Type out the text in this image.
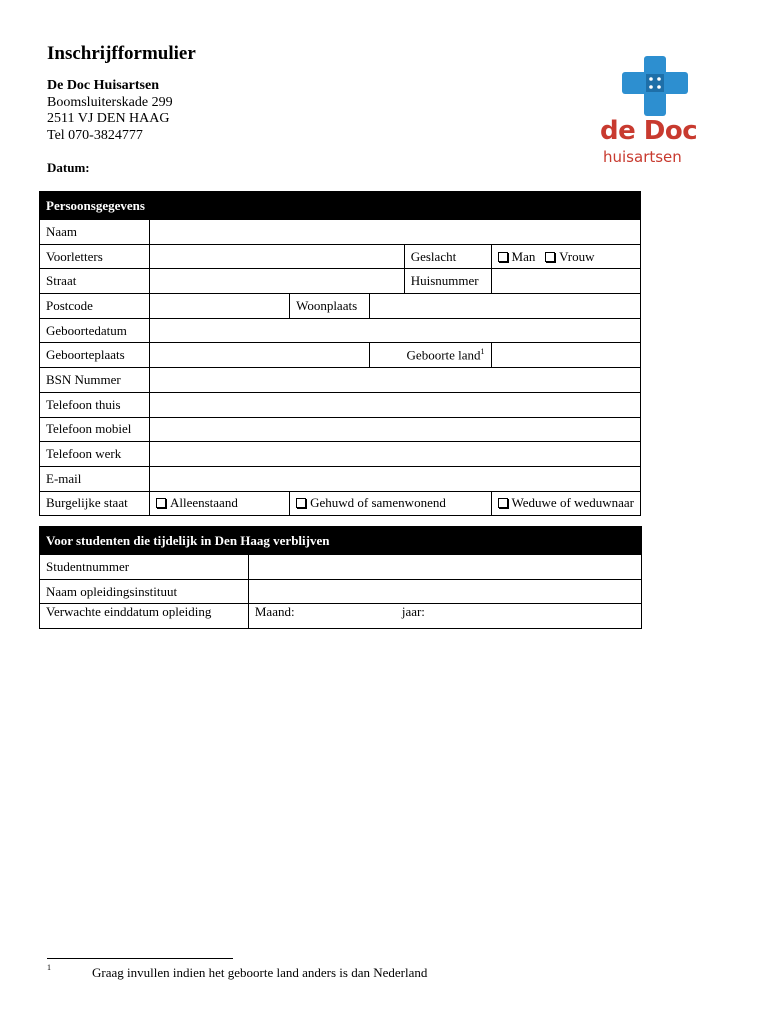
Inschrijfformulier
De Doc Huisartsen
Boomsluiterskade 299
2511 VJ DEN HAAG
Tel 070-3824777
Datum:
de Doc
huisartsen
Persoonsgegevens					
Naam					
Voorletters				Geslacht	Man Vrouw
Straat				Huisnummer	
Postcode		Woonplaats			
Geboortedatum					
Geboorteplaats			Geboorte land$^1$	
BSN Nummer					
Telefoon thuis					
Telefoon mobiel					
Telefoon werk					
E-mail					
Burgelijke staat	Alleenstaand	Gehuwd of samenwonend			Weduwe of weduwnaar
Voor studenten die tijdelijk in Den Haag verblijven	
Studentnummer	
Naam opleidingsinstituut	
Verwachte einddatum opleiding	Maand: jaar:
1	Graag invullen indien het geboorte land anders is dan Nederland
